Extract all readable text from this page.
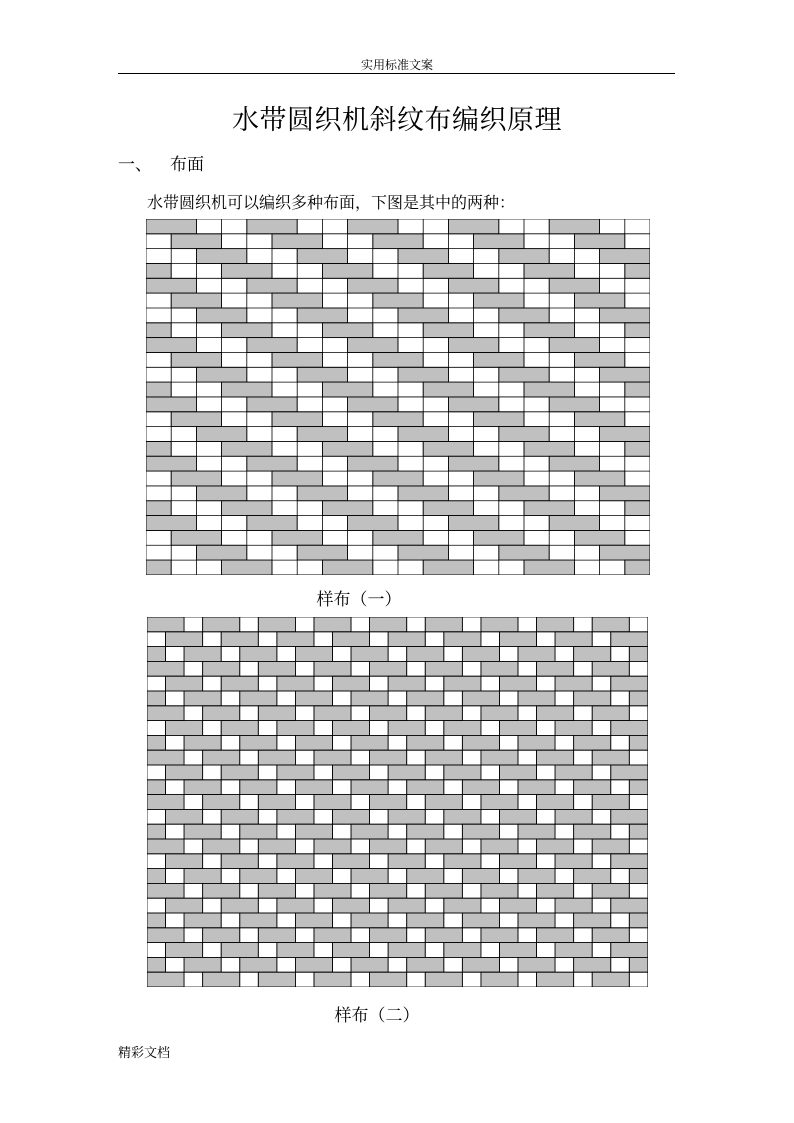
实用标准文案
水带圆织机斜纹布编织原理
一、 布面
水带圆织机可以编织多种布面，下图是其中的两种：
样布（一）
样布（二）
精彩文档
